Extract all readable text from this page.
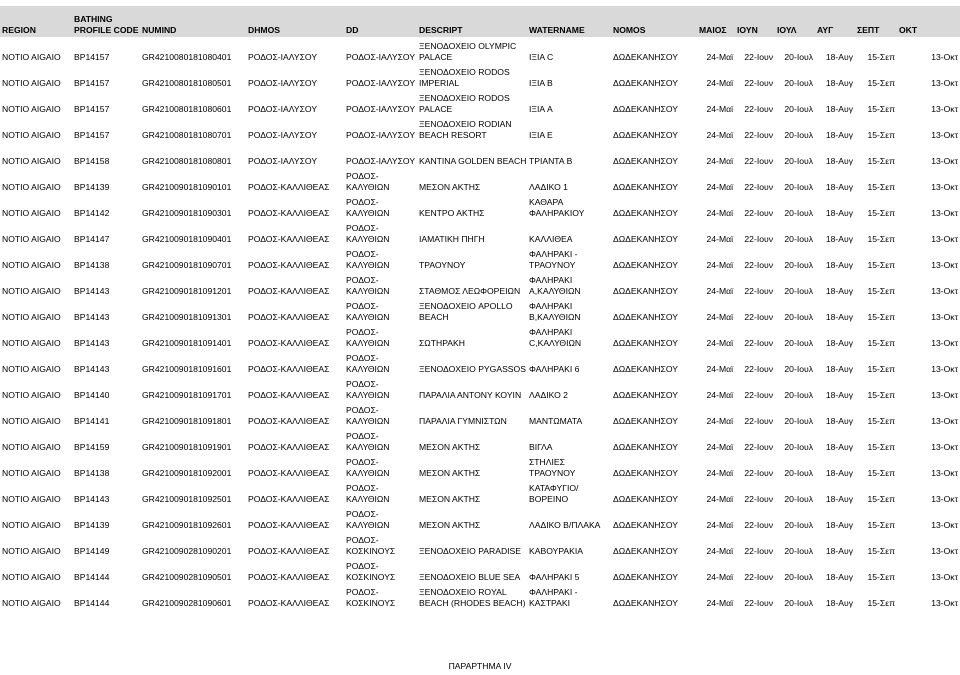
REGION	BATHING PROFILE CODE	NUMIND	DHMOS	DD	DESCRIPT	WATERNAME	NOMOS	ΜΑΙΟΣ	ΙΟΥΝ	ΙΟΥΛ	ΑΥΓ	ΣΕΠΤ	ΟΚΤ
NOTIO AIGAIO	BP14157	GR4210080181080401	ΡΟΔΟΣ-ΙΑΛΥΣΟΥ	ΡΟΔΟΣ-ΙΑΛΥΣΟΥ	ΞΕΝΟΔΟΧΕΙΟ OLYMPIC PALACE	ΙΞΙΑ C	ΔΩΔΕΚΑΝΗΣΟΥ	24-Μαϊ	22-Ιουν	20-Ιουλ	18-Αυγ	15-Σεπ	13-Οκτ
NOTIO AIGAIO	BP14157	GR4210080181080501	ΡΟΔΟΣ-ΙΑΛΥΣΟΥ	ΡΟΔΟΣ-ΙΑΛΥΣΟΥ	ΞΕΝΟΔΟΧΕΙΟ RODOS IMPERIAL	ΙΞΙΑ B	ΔΩΔΕΚΑΝΗΣΟΥ	24-Μαϊ	22-Ιουν	20-Ιουλ	18-Αυγ	15-Σεπ	13-Οκτ
NOTIO AIGAIO	BP14157	GR4210080181080601	ΡΟΔΟΣ-ΙΑΛΥΣΟΥ	ΡΟΔΟΣ-ΙΑΛΥΣΟΥ	ΞΕΝΟΔΟΧΕΙΟ RODOS PALACE	ΙΞΙΑ A	ΔΩΔΕΚΑΝΗΣΟΥ	24-Μαϊ	22-Ιουν	20-Ιουλ	18-Αυγ	15-Σεπ	13-Οκτ
NOTIO AIGAIO	BP14157	GR4210080181080701	ΡΟΔΟΣ-ΙΑΛΥΣΟΥ	ΡΟΔΟΣ-ΙΑΛΥΣΟΥ	ΞΕΝΟΔΟΧΕΙΟ RODIAN BEACH RESORT	ΙΞΙΑ E	ΔΩΔΕΚΑΝΗΣΟΥ	24-Μαϊ	22-Ιουν	20-Ιουλ	18-Αυγ	15-Σεπ	13-Οκτ
NOTIO AIGAIO	BP14158	GR4210080181080801	ΡΟΔΟΣ-ΙΑΛΥΣΟΥ	ΡΟΔΟΣ-ΙΑΛΥΣΟΥ	KANTINA GOLDEN BEACH	ΤΡΙΑΝΤΑ B	ΔΩΔΕΚΑΝΗΣΟΥ	24-Μαϊ	22-Ιουν	20-Ιουλ	18-Αυγ	15-Σεπ	13-Οκτ
NOTIO AIGAIO	BP14139	GR4210090181090101	ΡΟΔΟΣ-ΚΑΛΛΙΘΕΑΣ	ΡΟΔΟΣ-ΚΑΛΥΘΙΩΝ	ΜΕΣΟΝ ΑΚΤΗΣ	ΛΑΔΙΚΟ 1	ΔΩΔΕΚΑΝΗΣΟΥ	24-Μαϊ	22-Ιουν	20-Ιουλ	18-Αυγ	15-Σεπ	13-Οκτ
NOTIO AIGAIO	BP14142	GR4210090181090301	ΡΟΔΟΣ-ΚΑΛΛΙΘΕΑΣ	ΡΟΔΟΣ-ΚΑΛΥΘΙΩΝ	ΚΕΝΤΡΟ ΑΚΤΗΣ	ΚΑΘΑΡΑ ΦΑΛΗΡΑΚΙΟΥ	ΔΩΔΕΚΑΝΗΣΟΥ	24-Μαϊ	22-Ιουν	20-Ιουλ	18-Αυγ	15-Σεπ	13-Οκτ
NOTIO AIGAIO	BP14147	GR4210090181090401	ΡΟΔΟΣ-ΚΑΛΛΙΘΕΑΣ	ΡΟΔΟΣ-ΚΑΛΥΘΙΩΝ	ΙΑΜΑΤΙΚΗ ΠΗΓΗ	ΚΑΛΛΙΘΕΑ	ΔΩΔΕΚΑΝΗΣΟΥ	24-Μαϊ	22-Ιουν	20-Ιουλ	18-Αυγ	15-Σεπ	13-Οκτ
NOTIO AIGAIO	BP14138	GR4210090181090701	ΡΟΔΟΣ-ΚΑΛΛΙΘΕΑΣ	ΡΟΔΟΣ-ΚΑΛΥΘΙΩΝ	ΤΡΑΟΥΝΟΥ	ΦΑΛΗΡΑΚΙ - ΤΡΑΟΥΝΟΥ	ΔΩΔΕΚΑΝΗΣΟΥ	24-Μαϊ	22-Ιουν	20-Ιουλ	18-Αυγ	15-Σεπ	13-Οκτ
NOTIO AIGAIO	BP14143	GR4210090181091201	ΡΟΔΟΣ-ΚΑΛΛΙΘΕΑΣ	ΡΟΔΟΣ-ΚΑΛΥΘΙΩΝ	ΣΤΑΘΜΟΣ ΛΕΩΦΟΡΕΙΩΝ	ΦΑΛΗΡΑΚΙ A,ΚΑΛΥΘΙΩΝ	ΔΩΔΕΚΑΝΗΣΟΥ	24-Μαϊ	22-Ιουν	20-Ιουλ	18-Αυγ	15-Σεπ	13-Οκτ
NOTIO AIGAIO	BP14143	GR4210090181091301	ΡΟΔΟΣ-ΚΑΛΛΙΘΕΑΣ	ΡΟΔΟΣ-ΚΑΛΥΘΙΩΝ	ΞΕΝΟΔΟΧΕΙΟ APOLLO BEACH	ΦΑΛΗΡΑΚΙ B,ΚΑΛΥΘΙΩΝ	ΔΩΔΕΚΑΝΗΣΟΥ	24-Μαϊ	22-Ιουν	20-Ιουλ	18-Αυγ	15-Σεπ	13-Οκτ
NOTIO AIGAIO	BP14143	GR4210090181091401	ΡΟΔΟΣ-ΚΑΛΛΙΘΕΑΣ	ΡΟΔΟΣ-ΚΑΛΥΘΙΩΝ	ΣΩΤΗΡΑΚΗ	ΦΑΛΗΡΑΚΙ C,ΚΑΛΥΘΙΩΝ	ΔΩΔΕΚΑΝΗΣΟΥ	24-Μαϊ	22-Ιουν	20-Ιουλ	18-Αυγ	15-Σεπ	13-Οκτ
NOTIO AIGAIO	BP14143	GR4210090181091601	ΡΟΔΟΣ-ΚΑΛΛΙΘΕΑΣ	ΡΟΔΟΣ-ΚΑΛΥΘΙΩΝ	ΞΕΝΟΔΟΧΕΙΟ PYGASSOS	ΦΑΛΗΡΑΚΙ 6	ΔΩΔΕΚΑΝΗΣΟΥ	24-Μαϊ	22-Ιουν	20-Ιουλ	18-Αυγ	15-Σεπ	13-Οκτ
NOTIO AIGAIO	BP14140	GR4210090181091701	ΡΟΔΟΣ-ΚΑΛΛΙΘΕΑΣ	ΡΟΔΟΣ-ΚΑΛΥΘΙΩΝ	ΠΑΡΑΛΙΑ ΑΝΤΟΝΥ ΚΟΥΙΝ	ΛΑΔΙΚΟ 2	ΔΩΔΕΚΑΝΗΣΟΥ	24-Μαϊ	22-Ιουν	20-Ιουλ	18-Αυγ	15-Σεπ	13-Οκτ
NOTIO AIGAIO	BP14141	GR4210090181091801	ΡΟΔΟΣ-ΚΑΛΛΙΘΕΑΣ	ΡΟΔΟΣ-ΚΑΛΥΘΙΩΝ	ΠΑΡΑΛΙΑ ΓΥΜΝΙΣΤΩΝ	ΜΑΝΤΩΜΑΤΑ	ΔΩΔΕΚΑΝΗΣΟΥ	24-Μαϊ	22-Ιουν	20-Ιουλ	18-Αυγ	15-Σεπ	13-Οκτ
NOTIO AIGAIO	BP14159	GR4210090181091901	ΡΟΔΟΣ-ΚΑΛΛΙΘΕΑΣ	ΡΟΔΟΣ-ΚΑΛΥΘΙΩΝ	ΜΕΣΟΝ ΑΚΤΗΣ	ΒΙΓΛΑ	ΔΩΔΕΚΑΝΗΣΟΥ	24-Μαϊ	22-Ιουν	20-Ιουλ	18-Αυγ	15-Σεπ	13-Οκτ
NOTIO AIGAIO	BP14138	GR4210090181092001	ΡΟΔΟΣ-ΚΑΛΛΙΘΕΑΣ	ΡΟΔΟΣ-ΚΑΛΥΘΙΩΝ	ΜΕΣΟΝ ΑΚΤΗΣ	ΣΤΗΛΙΕΣ ΤΡΑΟΥΝΟΥ	ΔΩΔΕΚΑΝΗΣΟΥ	24-Μαϊ	22-Ιουν	20-Ιουλ	18-Αυγ	15-Σεπ	13-Οκτ
NOTIO AIGAIO	BP14143	GR4210090181092501	ΡΟΔΟΣ-ΚΑΛΛΙΘΕΑΣ	ΡΟΔΟΣ-ΚΑΛΥΘΙΩΝ	ΜΕΣΟΝ ΑΚΤΗΣ	ΚΑΤΑΦΥΓΙΟ/ΒΟΡΕΙΝΟ	ΔΩΔΕΚΑΝΗΣΟΥ	24-Μαϊ	22-Ιουν	20-Ιουλ	18-Αυγ	15-Σεπ	13-Οκτ
NOTIO AIGAIO	BP14139	GR4210090181092601	ΡΟΔΟΣ-ΚΑΛΛΙΘΕΑΣ	ΡΟΔΟΣ-ΚΑΛΥΘΙΩΝ	ΜΕΣΟΝ ΑΚΤΗΣ	ΛΑΔΙΚΟ Β/ΠΛΑΚΑ	ΔΩΔΕΚΑΝΗΣΟΥ	24-Μαϊ	22-Ιουν	20-Ιουλ	18-Αυγ	15-Σεπ	13-Οκτ
NOTIO AIGAIO	BP14149	GR4210090281090201	ΡΟΔΟΣ-ΚΑΛΛΙΘΕΑΣ	ΡΟΔΟΣ-ΚΟΣΚΙΝΟΥΣ	ΞΕΝΟΔΟΧΕΙΟ PARADISE	ΚΑΒΟΥΡΑΚΙΑ	ΔΩΔΕΚΑΝΗΣΟΥ	24-Μαϊ	22-Ιουν	20-Ιουλ	18-Αυγ	15-Σεπ	13-Οκτ
NOTIO AIGAIO	BP14144	GR4210090281090501	ΡΟΔΟΣ-ΚΑΛΛΙΘΕΑΣ	ΡΟΔΟΣ-ΚΟΣΚΙΝΟΥΣ	ΞΕΝΟΔΟΧΕΙΟ BLUE SEA	ΦΑΛΗΡΑΚΙ 5	ΔΩΔΕΚΑΝΗΣΟΥ	24-Μαϊ	22-Ιουν	20-Ιουλ	18-Αυγ	15-Σεπ	13-Οκτ
NOTIO AIGAIO	BP14144	GR4210090281090601	ΡΟΔΟΣ-ΚΑΛΛΙΘΕΑΣ	ΡΟΔΟΣ-ΚΟΣΚΙΝΟΥΣ	ΞΕΝΟΔΟΧΕΙΟ ROYAL BEACH (RHODES BEACH)	ΦΑΛΗΡΑΚΙ - ΚΑΣΤΡΑΚΙ	ΔΩΔΕΚΑΝΗΣΟΥ	24-Μαϊ	22-Ιουν	20-Ιουλ	18-Αυγ	15-Σεπ	13-Οκτ
ΠΑΡΑΡΤΗΜΑ IV
